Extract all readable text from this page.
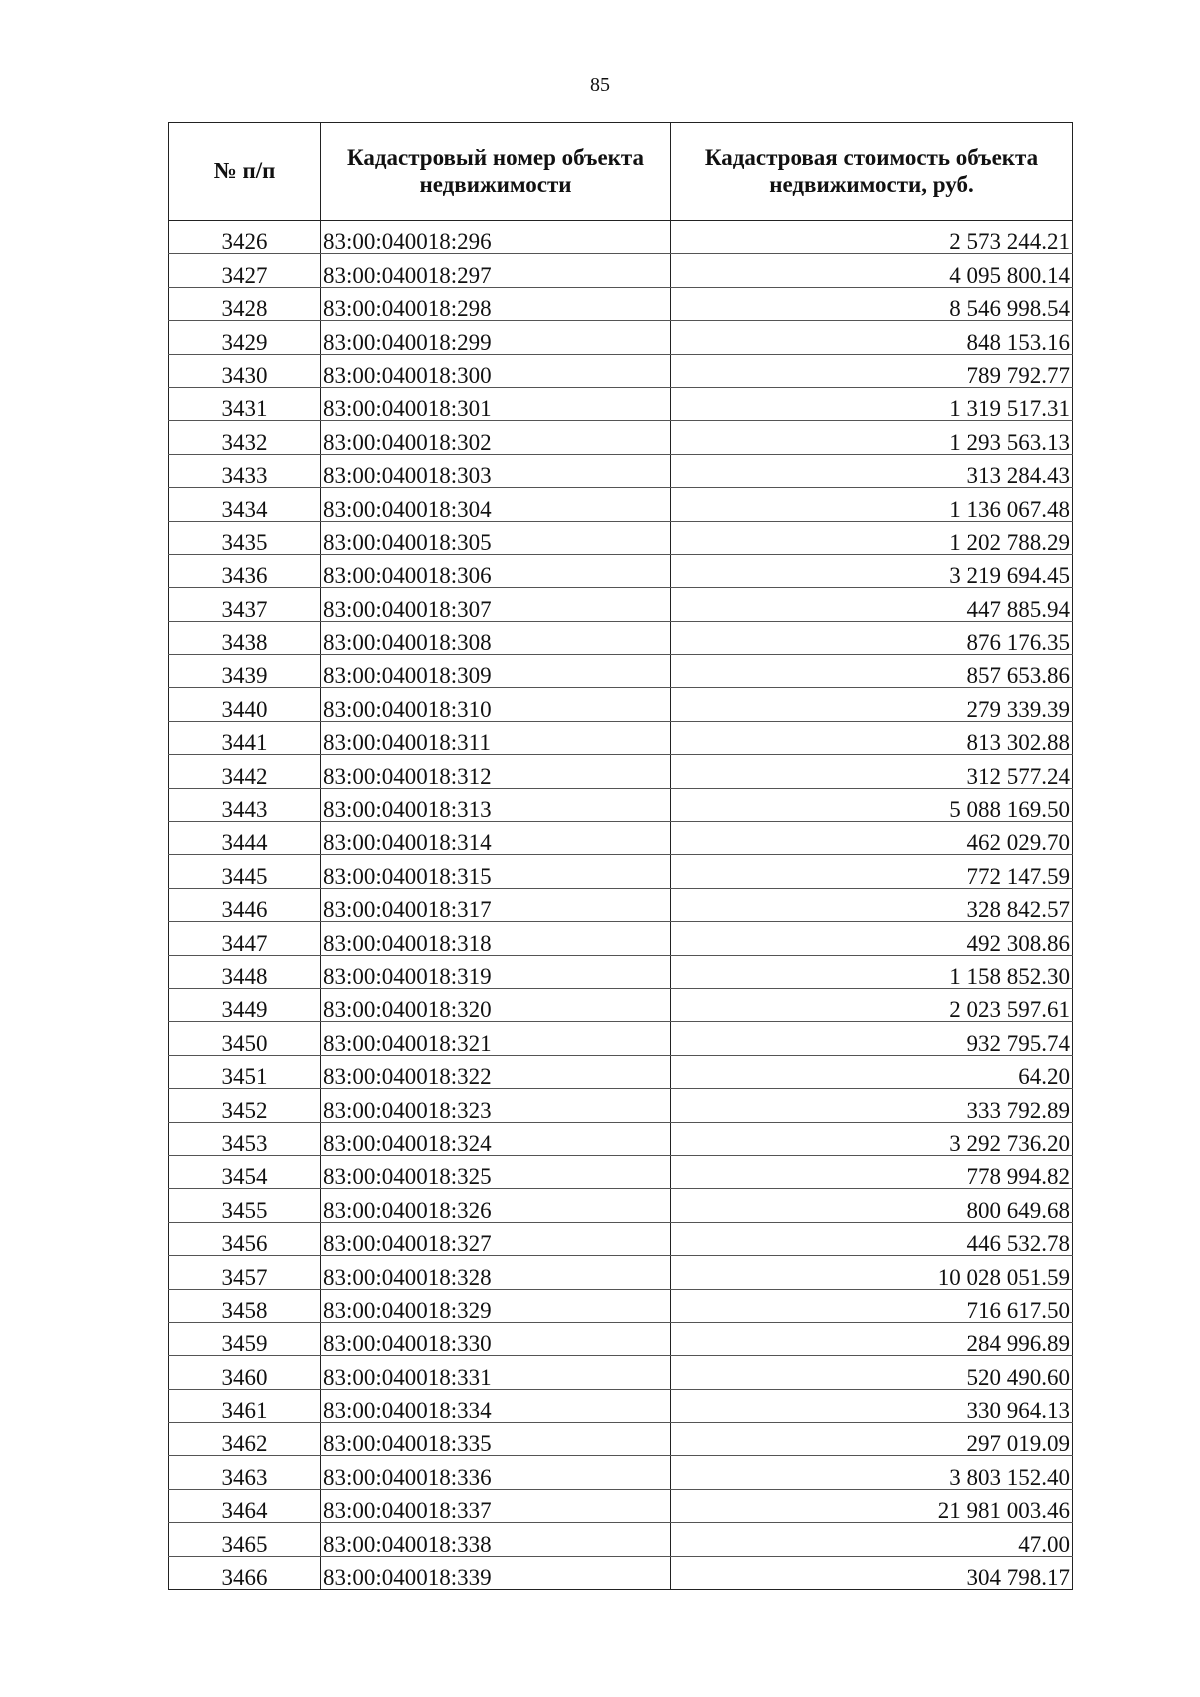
85
№ п/п	Кадастровый номер объекта недвижимости	Кадастровая стоимость объекта недвижимости, руб.
3426	83:00:040018:296	2 573 244.21
3427	83:00:040018:297	4 095 800.14
3428	83:00:040018:298	8 546 998.54
3429	83:00:040018:299	848 153.16
3430	83:00:040018:300	789 792.77
3431	83:00:040018:301	1 319 517.31
3432	83:00:040018:302	1 293 563.13
3433	83:00:040018:303	313 284.43
3434	83:00:040018:304	1 136 067.48
3435	83:00:040018:305	1 202 788.29
3436	83:00:040018:306	3 219 694.45
3437	83:00:040018:307	447 885.94
3438	83:00:040018:308	876 176.35
3439	83:00:040018:309	857 653.86
3440	83:00:040018:310	279 339.39
3441	83:00:040018:311	813 302.88
3442	83:00:040018:312	312 577.24
3443	83:00:040018:313	5 088 169.50
3444	83:00:040018:314	462 029.70
3445	83:00:040018:315	772 147.59
3446	83:00:040018:317	328 842.57
3447	83:00:040018:318	492 308.86
3448	83:00:040018:319	1 158 852.30
3449	83:00:040018:320	2 023 597.61
3450	83:00:040018:321	932 795.74
3451	83:00:040018:322	64.20
3452	83:00:040018:323	333 792.89
3453	83:00:040018:324	3 292 736.20
3454	83:00:040018:325	778 994.82
3455	83:00:040018:326	800 649.68
3456	83:00:040018:327	446 532.78
3457	83:00:040018:328	10 028 051.59
3458	83:00:040018:329	716 617.50
3459	83:00:040018:330	284 996.89
3460	83:00:040018:331	520 490.60
3461	83:00:040018:334	330 964.13
3462	83:00:040018:335	297 019.09
3463	83:00:040018:336	3 803 152.40
3464	83:00:040018:337	21 981 003.46
3465	83:00:040018:338	47.00
3466	83:00:040018:339	304 798.17
